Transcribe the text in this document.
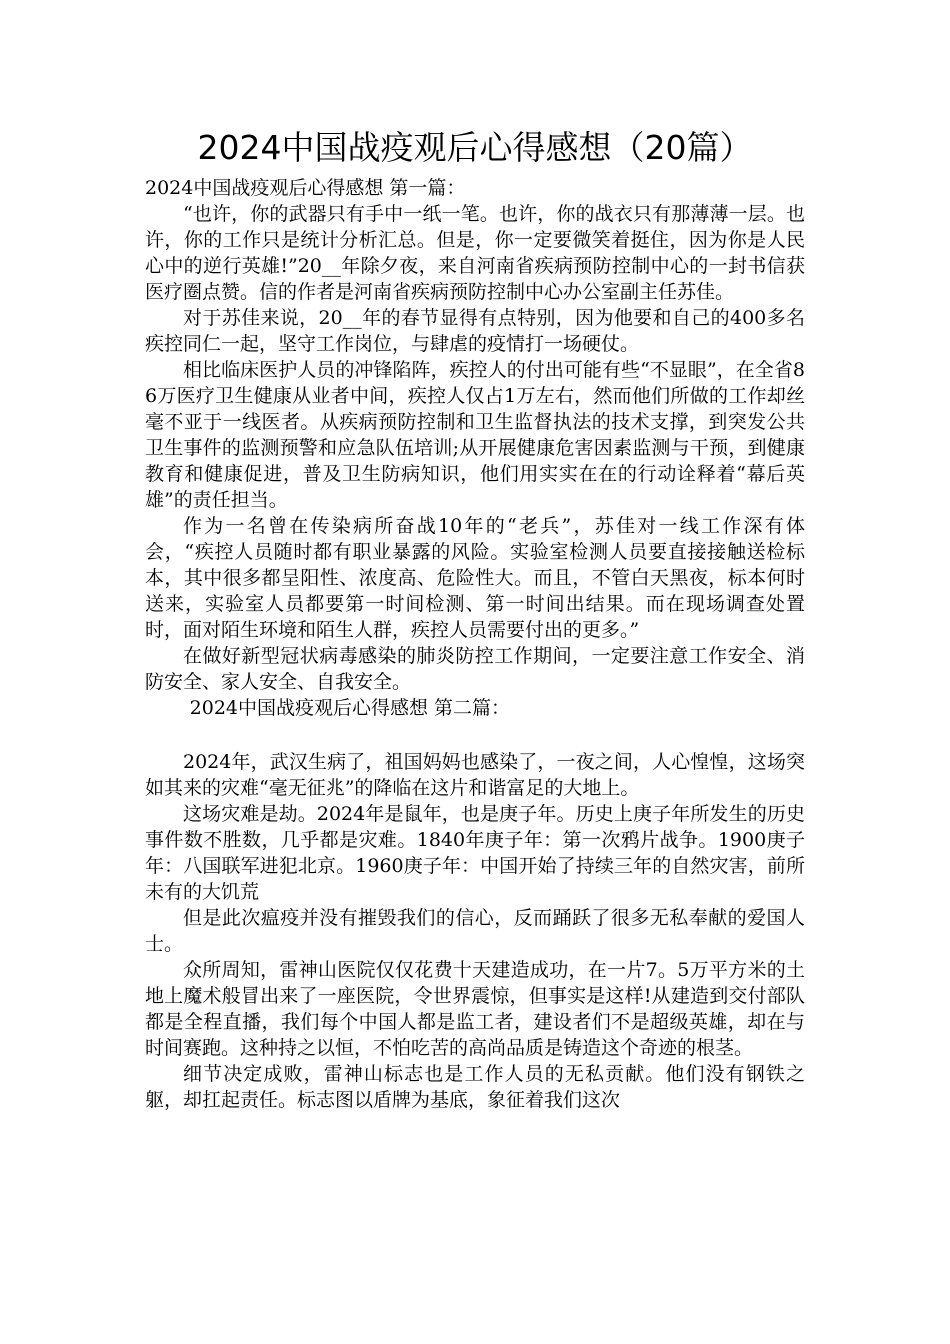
2024中国战疫观后心得感想（20篇）

2024中国战疫观后心得感想 第一篇：

“也许，你的武器只有手中一纸一笔。也许，你的战衣只有那薄薄一层。也许，你的工作只是统计分析汇总。但是，你一定要微笑着挺住，因为你是人民心中的逆行英雄!”20__年除夕夜，来自河南省疾病预防控制中心的一封书信获医疗圈点赞。信的作者是河南省疾病预防控制中心办公室副主任苏佳。

对于苏佳来说，20__年的春节显得有点特别，因为他要和自己的400多名疾控同仁一起，坚守工作岗位，与肆虐的疫情打一场硬仗。

相比临床医护人员的冲锋陷阵，疾控人的付出可能有些“不显眼”，在全省86万医疗卫生健康从业者中间，疾控人仅占1万左右，然而他们所做的工作却丝毫不亚于一线医者。从疾病预防控制和卫生监督执法的技术支撑，到突发公共卫生事件的监测预警和应急队伍培训;从开展健康危害因素监测与干预，到健康教育和健康促进，普及卫生防病知识，他们用实实在在的行动诠释着“幕后英雄”的责任担当。

作为一名曾在传染病所奋战10年的“老兵”，苏佳对一线工作深有体会，“疾控人员随时都有职业暴露的风险。实验室检测人员要直接接触送检标本，其中很多都呈阳性、浓度高、危险性大。而且，不管白天黑夜，标本何时送来，实验室人员都要第一时间检测、第一时间出结果。而在现场调查处置时，面对陌生环境和陌生人群，疾控人员需要付出的更多。”

在做好新型冠状病毒感染的肺炎防控工作期间，一定要注意工作安全、消防安全、家人安全、自我安全。

2024中国战疫观后心得感想 第二篇：

2024年，武汉生病了，祖国妈妈也感染了，一夜之间，人心惶惶，这场突如其来的灾难“毫无征兆”的降临在这片和谐富足的大地上。

这场灾难是劫。2024年是鼠年，也是庚子年。历史上庚子年所发生的历史事件数不胜数，几乎都是灾难。1840年庚子年：第一次鸦片战争。1900庚子年：八国联军进犯北京。1960庚子年：中国开始了持续三年的自然灾害，前所未有的大饥荒

但是此次瘟疫并没有摧毁我们的信心，反而踊跃了很多无私奉献的爱国人士。

众所周知，雷神山医院仅仅花费十天建造成功，在一片7。5万平方米的土地上魔术般冒出来了一座医院，令世界震惊，但事实是这样!从建造到交付部队都是全程直播，我们每个中国人都是监工者，建设者们不是超级英雄，却在与时间赛跑。这种持之以恒，不怕吃苦的高尚品质是铸造这个奇迹的根茎。

细节决定成败，雷神山标志也是工作人员的无私贡献。他们没有钢铁之躯，却扛起责任。标志图以盾牌为基底，象征着我们这次
